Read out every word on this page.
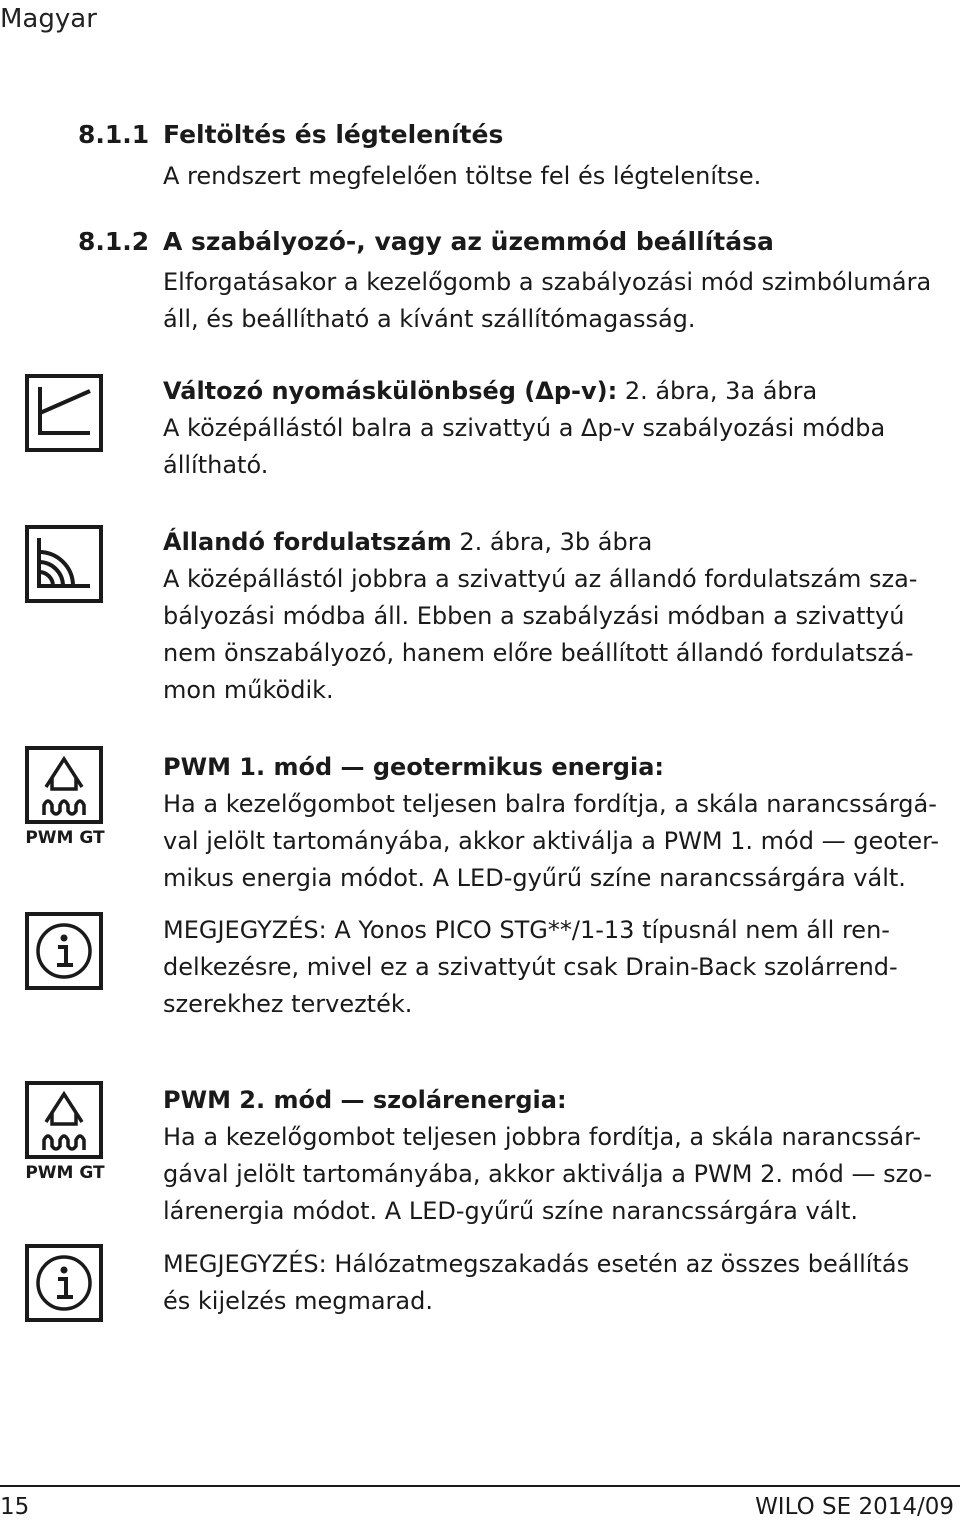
Magyar
8.1.1 Feltöltés és légtelenítés
A rendszert megfelelően töltse fel és légtelenítse.
8.1.2 A szabályozó-, vagy az üzemmód beállítása
Elforgatásakor a kezelőgomb a szabályozási mód szimbólumára
áll, és beállítható a kívánt szállítómagasság.
Változó nyomáskülönbség (Δp-v): 2. ábra, 3a ábra
A középállástól balra a szivattyú a Δp-v szabályozási módba
állítható.
Állandó fordulatszám 2. ábra, 3b ábra
A középállástól jobbra a szivattyú az állandó fordulatszám sza-
bályozási módba áll. Ebben a szabályzási módban a szivattyú
nem önszabályozó, hanem előre beállított állandó fordulatszá-
mon működik.
PWM GT
PWM 1. mód — geotermikus energia:
Ha a kezelőgombot teljesen balra fordítja, a skála narancssárgá-
val jelölt tartományába, akkor aktiválja a PWM 1. mód — geoter-
mikus energia módot. A LED-gyűrű színe narancssárgára vált.
MEGJEGYZÉS: A Yonos PICO STG**/1-13 típusnál nem áll ren-
delkezésre, mivel ez a szivattyút csak Drain-Back szolárrend-
szerekhez tervezték.
PWM GT
PWM 2. mód — szolárenergia:
Ha a kezelőgombot teljesen jobbra fordítja, a skála narancssár-
gával jelölt tartományába, akkor aktiválja a PWM 2. mód — szo-
lárenergia módot. A LED-gyűrű színe narancssárgára vált.
MEGJEGYZÉS: Hálózatmegszakadás esetén az összes beállítás
és kijelzés megmarad.
15	WILO SE 2014/09
